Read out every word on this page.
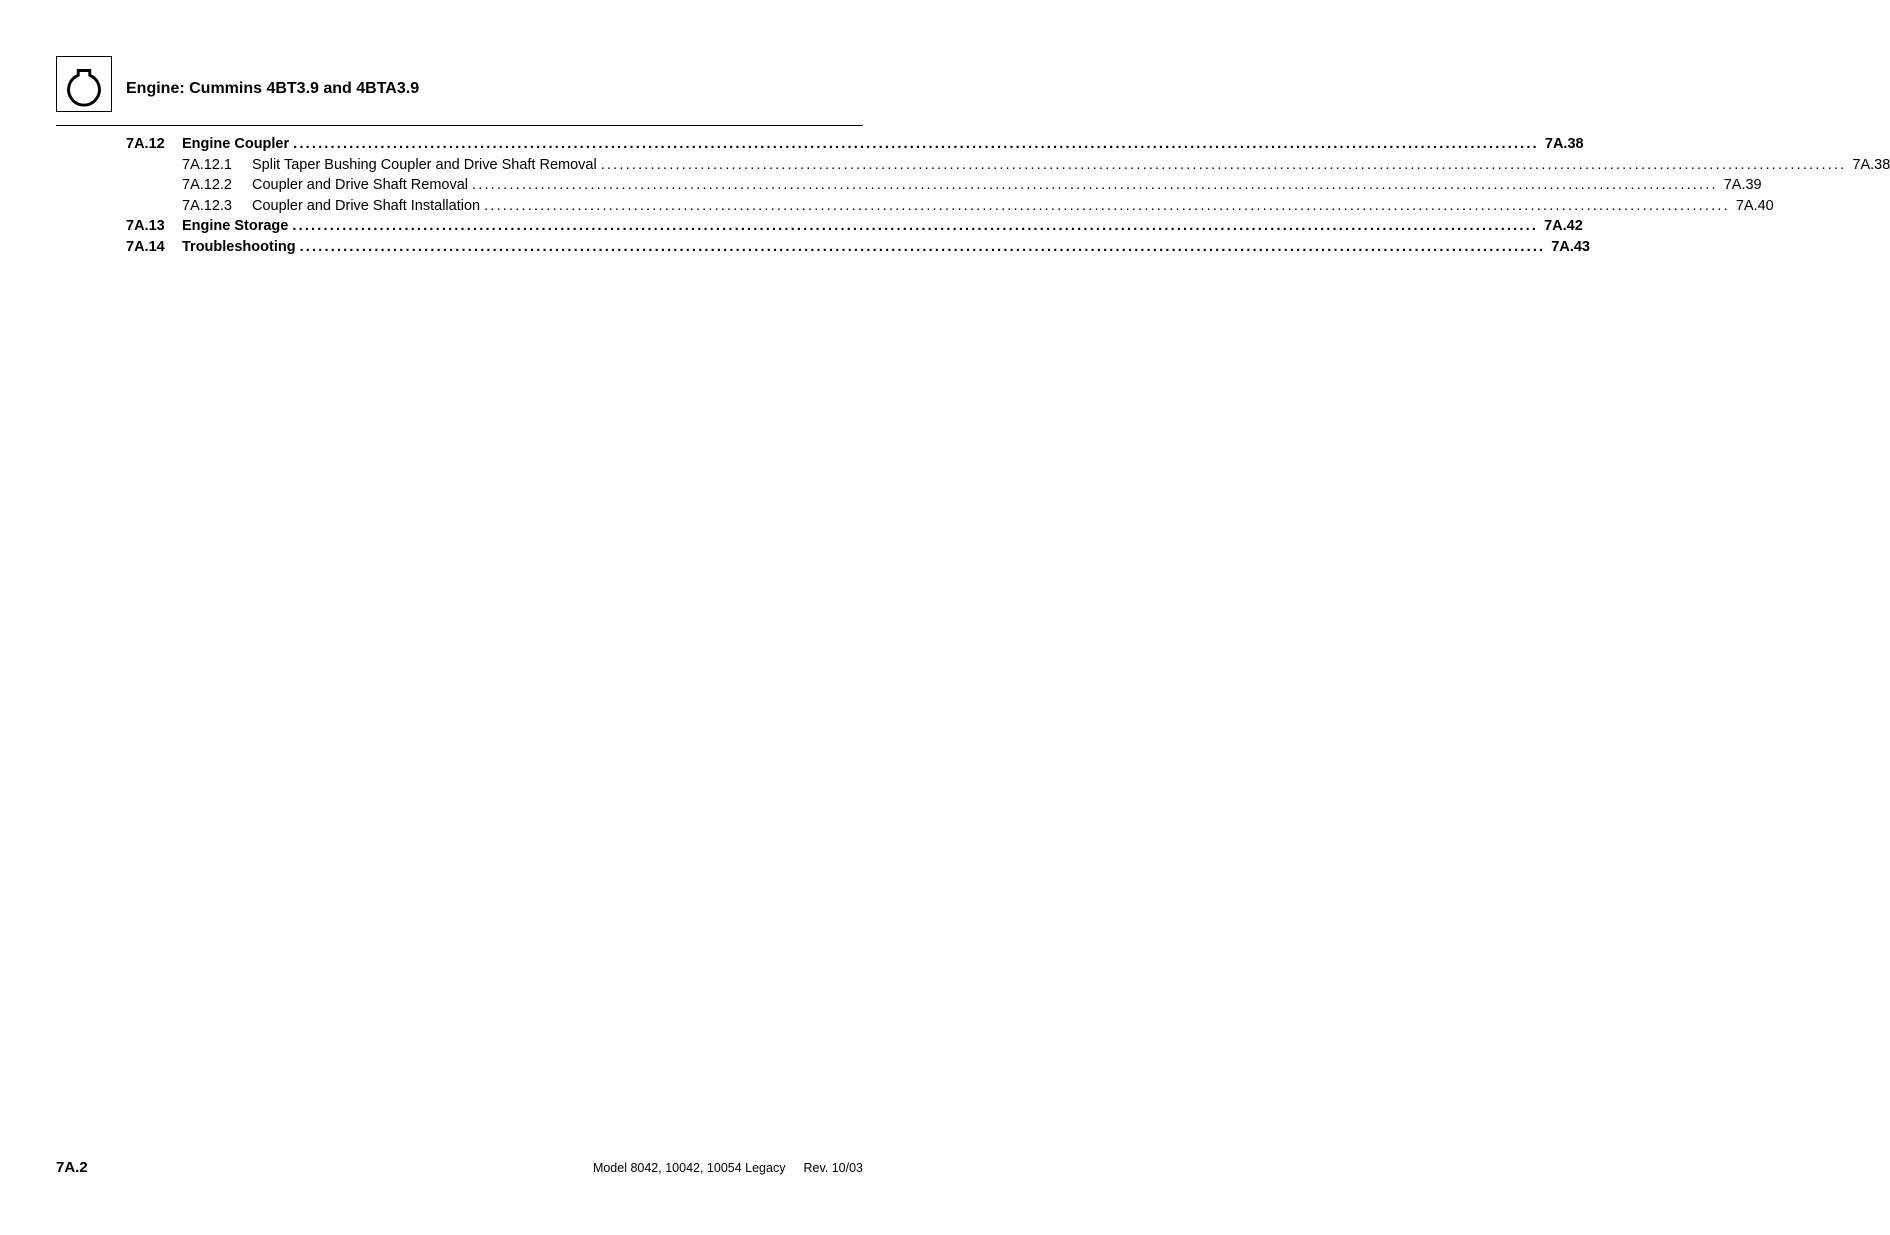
Engine: Cummins 4BT3.9 and 4BTA3.9
7A.12 Engine Coupler ........................................................................................................................................................................................................ 7A.38
7A.12.1 Split Taper Bushing Coupler and Drive Shaft Removal ........................................................................................................................................................................................................ 7A.38
7A.12.2 Coupler and Drive Shaft Removal ........................................................................................................................................................................................................ 7A.39
7A.12.3 Coupler and Drive Shaft Installation ........................................................................................................................................................................................................ 7A.40
7A.13 Engine Storage ........................................................................................................................................................................................................ 7A.42
7A.14 Troubleshooting ........................................................................................................................................................................................................ 7A.43
7A.2	Model 8042, 10042, 10054 Legacy Rev. 10/03
